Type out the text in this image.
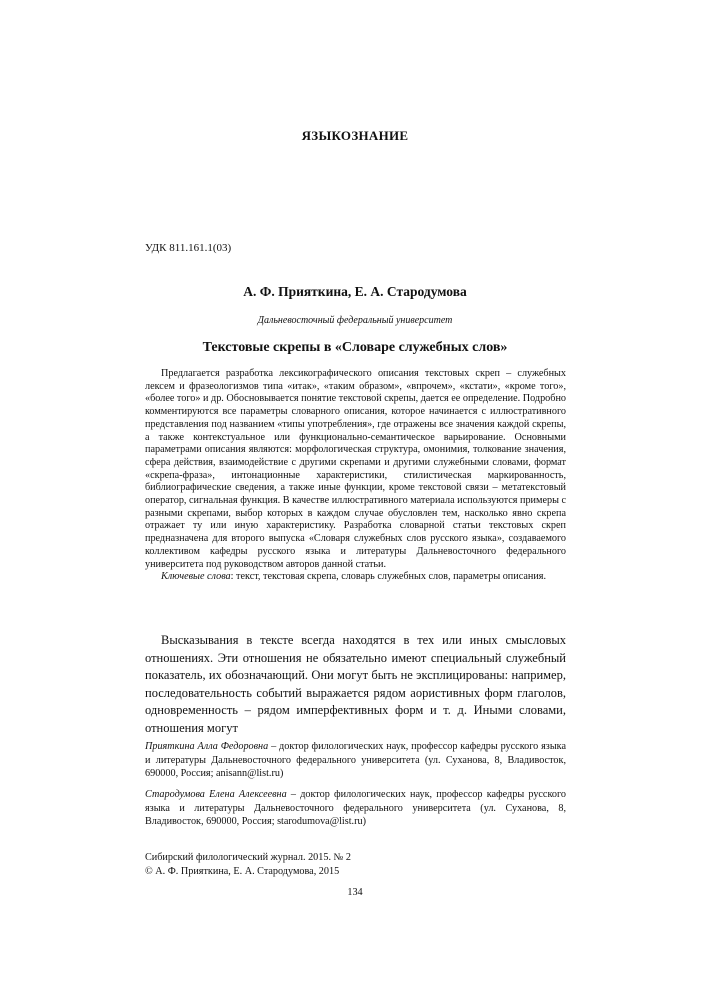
ЯЗЫКОЗНАНИЕ
УДК 811.161.1(03)
А. Ф. Прияткина, Е. А. Стародумова
Дальневосточный федеральный университет
Текстовые скрепы в «Словаре служебных слов»

Предлагается разработка лексикографического описания текстовых скреп – служебных лексем и фразеологизмов типа «итак», «таким образом», «впрочем», «кстати», «кроме того», «более того» и др. Обосновывается понятие текстовой скрепы, дается ее определение. Подробно комментируются все параметры словарного описания, которое начинается с иллюстративного представления под названием «типы употребления», где отражены все значения каждой скрепы, а также контекстуальное или функционально-семантическое варьирование. Основными параметрами описания являются: морфологическая структура, омонимия, толкование значения, сфера действия, взаимодействие с другими скрепами и другими служебными словами, формат «скрепа-фраза», интонационные характеристики, стилистическая маркированность, библиографические сведения, а также иные функции, кроме текстовой связи – метатекстовый оператор, сигнальная функция. В качестве иллюстративного материала используются примеры с разными скрепами, выбор которых в каждом случае обусловлен тем, насколько явно скрепа отражает ту или иную характеристику. Разработка словарной статьи текстовых скреп предназначена для второго выпуска «Словаря служебных слов русского языка», создаваемого коллективом кафедры русского языка и литературы Дальневосточного федерального университета под руководством авторов данной статьи.

Ключевые слова: текст, текстовая скрепа, словарь служебных слов, параметры описания.

Высказывания в тексте всегда находятся в тех или иных смысловых отношениях. Эти отношения не обязательно имеют специальный служебный показатель, их обозначающий. Они могут быть не эксплицированы: например, последовательность событий выражается рядом аористивных форм глаголов, одновременность – рядом имперфективных форм и т. д. Иными словами, отношения могут

Прияткина Алла Федоровна – доктор филологических наук, профессор кафедры русского языка и литературы Дальневосточного федерального университета (ул. Суханова, 8, Владивосток, 690000, Россия; anisann@list.ru)

Стародумова Елена Алексеевна – доктор филологических наук, профессор кафедры русского языка и литературы Дальневосточного федерального университета (ул. Суханова, 8, Владивосток, 690000, Россия; starodumova@list.ru)

Сибирский филологический журнал. 2015. № 2
© А. Ф. Прияткина, Е. А. Стародумова, 2015
134
